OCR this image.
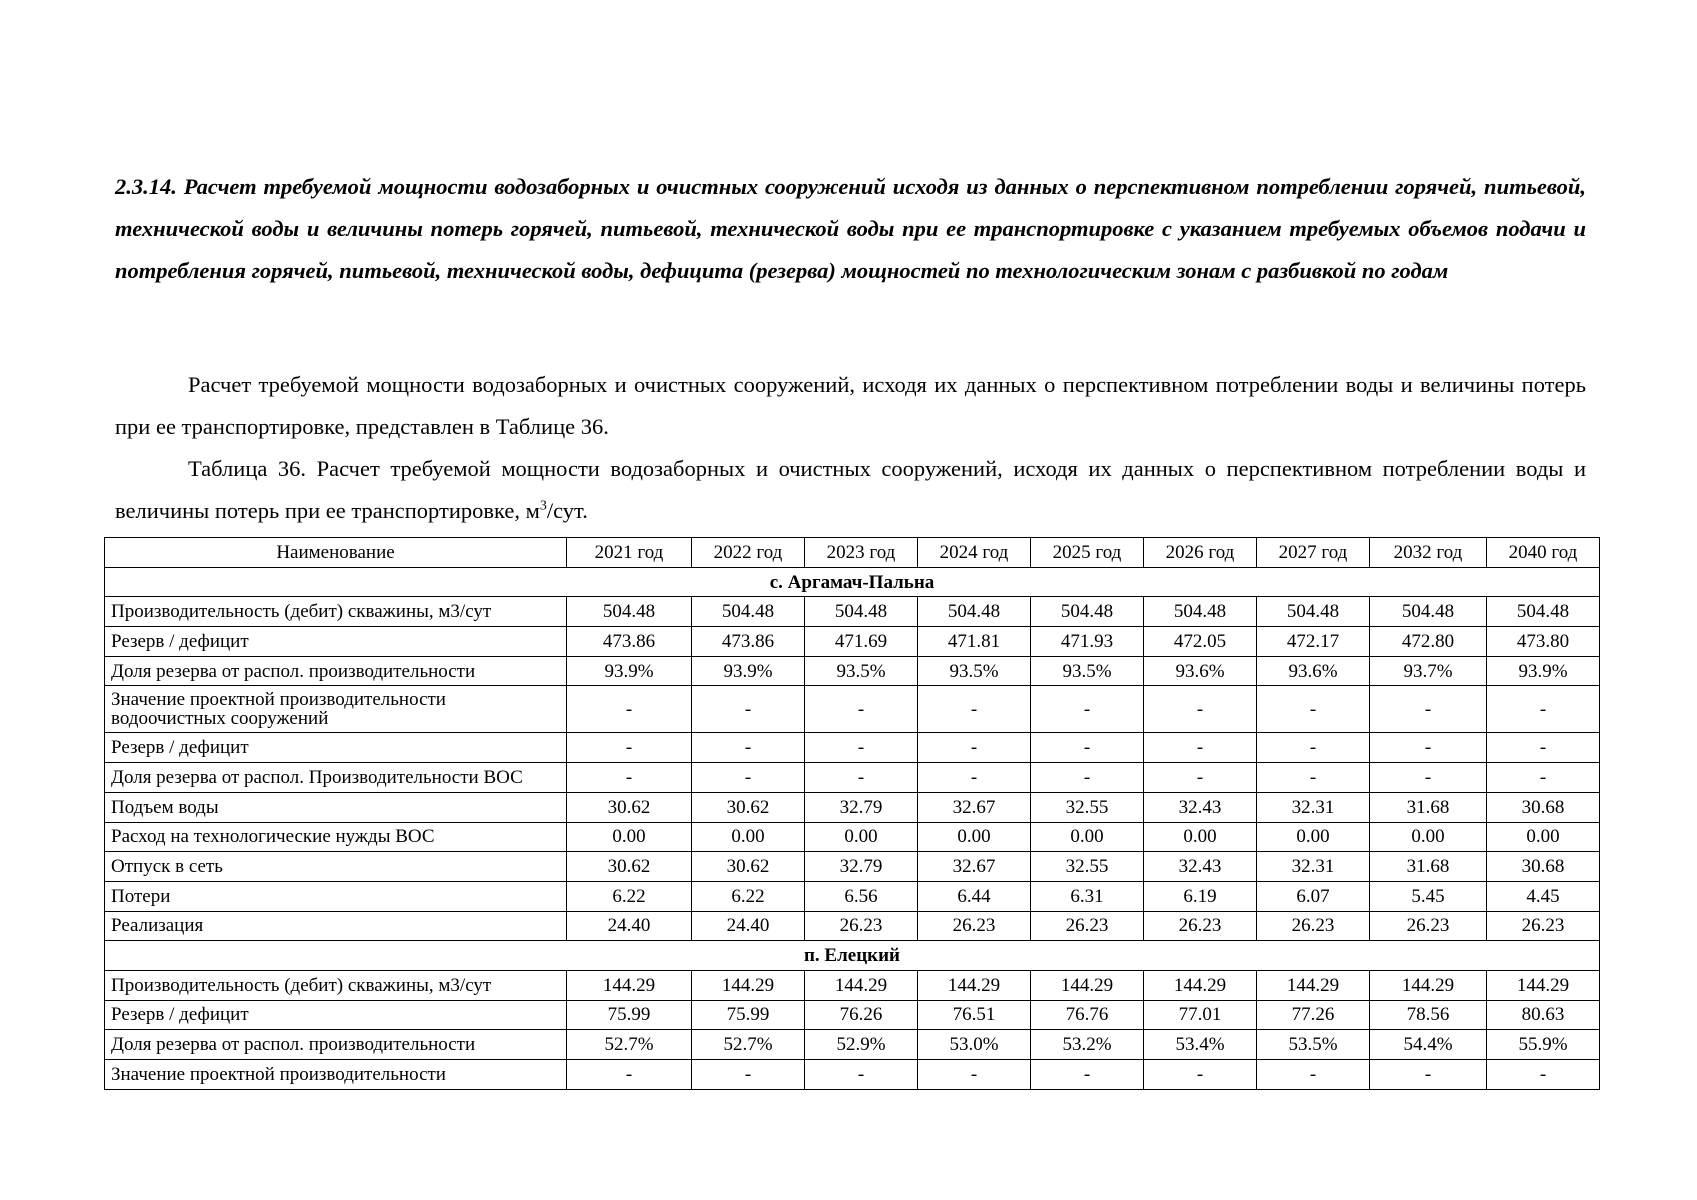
2.3.14. Расчет требуемой мощности водозаборных и очистных сооружений исходя из данных о перспективном потреблении горячей, питьевой, технической воды и величины потерь горячей, питьевой, технической воды при ее транспортировке с указанием требуемых объемов подачи и потребления горячей, питьевой, технической воды, дефицита (резерва) мощностей по технологическим зонам с разбивкой по годам

Расчет требуемой мощности водозаборных и очистных сооружений, исходя их данных о перспективном потреблении воды и величины потерь при ее транспортировке, представлен в Таблице 36.

Таблица 36. Расчет требуемой мощности водозаборных и очистных сооружений, исходя их данных о перспективном потреблении воды и величины потерь при ее транспортировке, $м^3$/сут.

Наименование	2021 год	2022 год	2023 год	2024 год	2025 год	2026 год	2027 год	2032 год	2040 год
с. Аргамач-Пальна									
Производительность (дебит) скважины, м3/сут	504.48	504.48	504.48	504.48	504.48	504.48	504.48	504.48	504.48
Резерв / дефицит	473.86	473.86	471.69	471.81	471.93	472.05	472.17	472.80	473.80
Доля резерва от распол. производительности	93.9%	93.9%	93.5%	93.5%	93.5%	93.6%	93.6%	93.7%	93.9%
Значение проектной производительности водоочистных сооружений	-	-	-	-	-	-	-	-	-
Резерв / дефицит	-	-	-	-	-	-	-	-	-
Доля резерва от распол. Производительности ВОС	-	-	-	-	-	-	-	-	-
Подъем воды	30.62	30.62	32.79	32.67	32.55	32.43	32.31	31.68	30.68
Расход на технологические нужды ВОС	0.00	0.00	0.00	0.00	0.00	0.00	0.00	0.00	0.00
Отпуск в сеть	30.62	30.62	32.79	32.67	32.55	32.43	32.31	31.68	30.68
Потери	6.22	6.22	6.56	6.44	6.31	6.19	6.07	5.45	4.45
Реализация	24.40	24.40	26.23	26.23	26.23	26.23	26.23	26.23	26.23
п. Елецкий									
Производительность (дебит) скважины, м3/сут	144.29	144.29	144.29	144.29	144.29	144.29	144.29	144.29	144.29
Резерв / дефицит	75.99	75.99	76.26	76.51	76.76	77.01	77.26	78.56	80.63
Доля резерва от распол. производительности	52.7%	52.7%	52.9%	53.0%	53.2%	53.4%	53.5%	54.4%	55.9%
Значение проектной производительности	-	-	-	-	-	-	-	-	-
